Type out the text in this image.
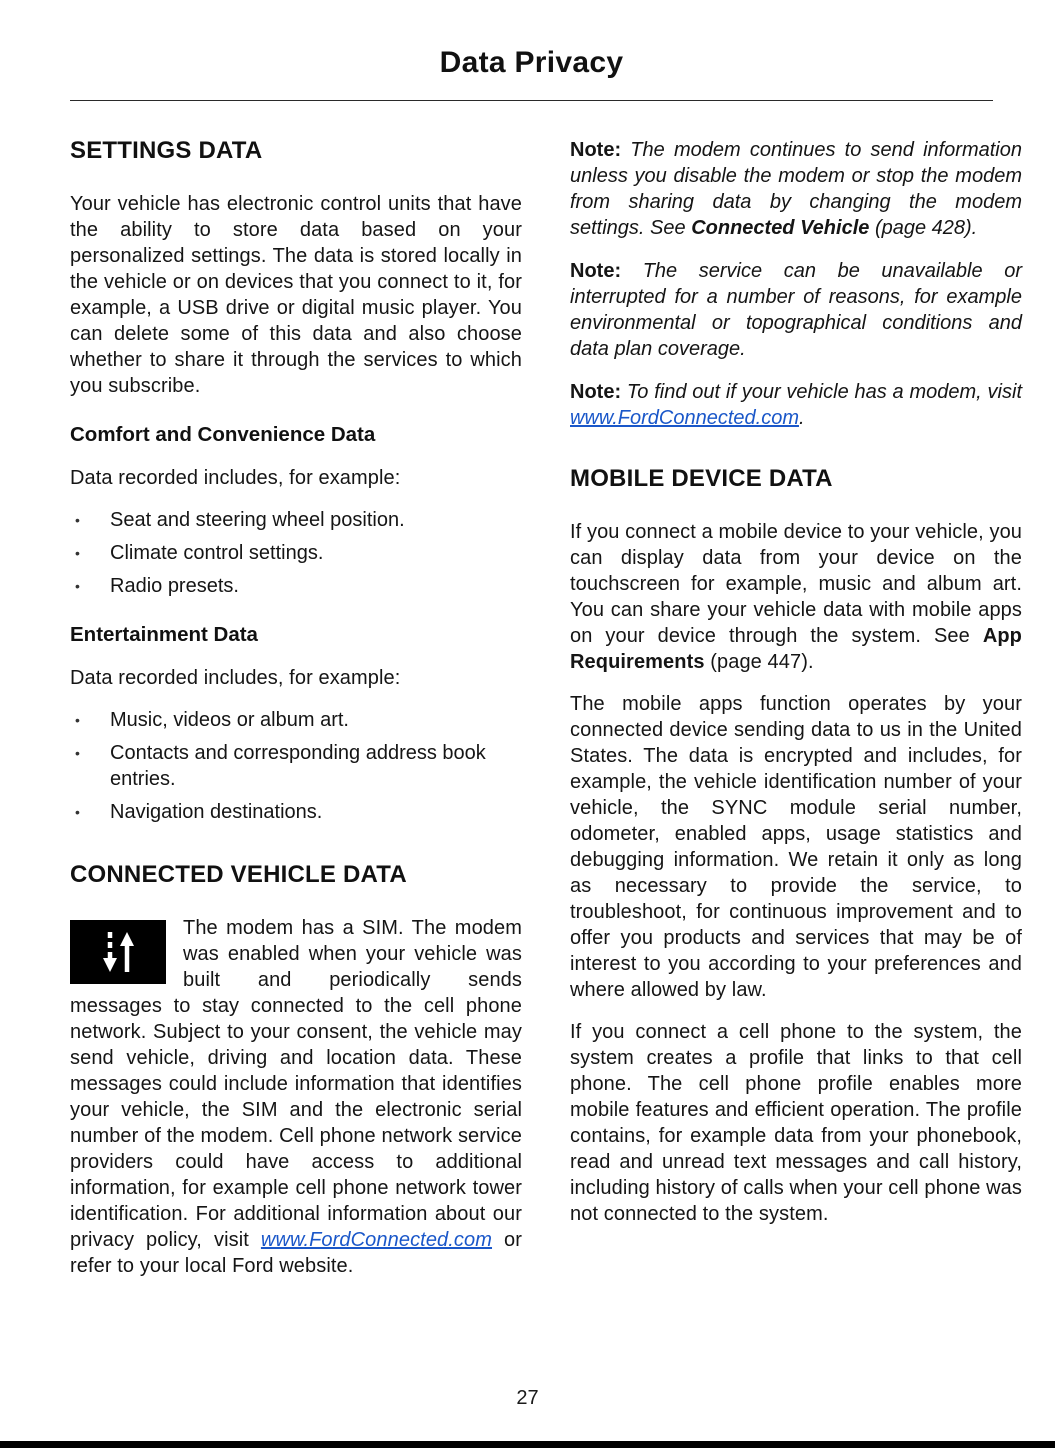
Data Privacy
SETTINGS DATA

Your vehicle has electronic control units that have the ability to store data based on your personalized settings. The data is stored locally in the vehicle or on devices that you connect to it, for example, a USB drive or digital music player. You can delete some of this data and also choose whether to share it through the services to which you subscribe.

Comfort and Convenience Data

Data recorded includes, for example:

• Seat and steering wheel position.
• Climate control settings.
• Radio presets.
Entertainment Data

Data recorded includes, for example:

• Music, videos or album art.
• Contacts and corresponding address book entries.
• Navigation destinations.
CONNECTED VEHICLE DATA

The modem has a SIM. The modem was enabled when your vehicle was built and periodically sends messages to stay connected to the cell phone network. Subject to your consent, the vehicle may send vehicle, driving and location data. These messages could include information that identifies your vehicle, the SIM and the electronic serial number of the modem. Cell phone network service providers could have access to additional information, for example cell phone network tower identification. For additional information about our privacy policy, visit www.FordConnected.com or refer to your local Ford website.

Note: The modem continues to send information unless you disable the modem or stop the modem from sharing data by changing the modem settings. See Connected Vehicle (page 428).

Note: The service can be unavailable or interrupted for a number of reasons, for example environmental or topographical conditions and data plan coverage.

Note: To find out if your vehicle has a modem, visit www.FordConnected.com.

MOBILE DEVICE DATA

If you connect a mobile device to your vehicle, you can display data from your device on the touchscreen for example, music and album art. You can share your vehicle data with mobile apps on your device through the system. See App Requirements (page 447).

The mobile apps function operates by your connected device sending data to us in the United States. The data is encrypted and includes, for example, the vehicle identification number of your vehicle, the SYNC module serial number, odometer, enabled apps, usage statistics and debugging information. We retain it only as long as necessary to provide the service, to troubleshoot, for continuous improvement and to offer you products and services that may be of interest to you according to your preferences and where allowed by law.

If you connect a cell phone to the system, the system creates a profile that links to that cell phone. The cell phone profile enables more mobile features and efficient operation. The profile contains, for example data from your phonebook, read and unread text messages and call history, including history of calls when your cell phone was not connected to the system.

27
